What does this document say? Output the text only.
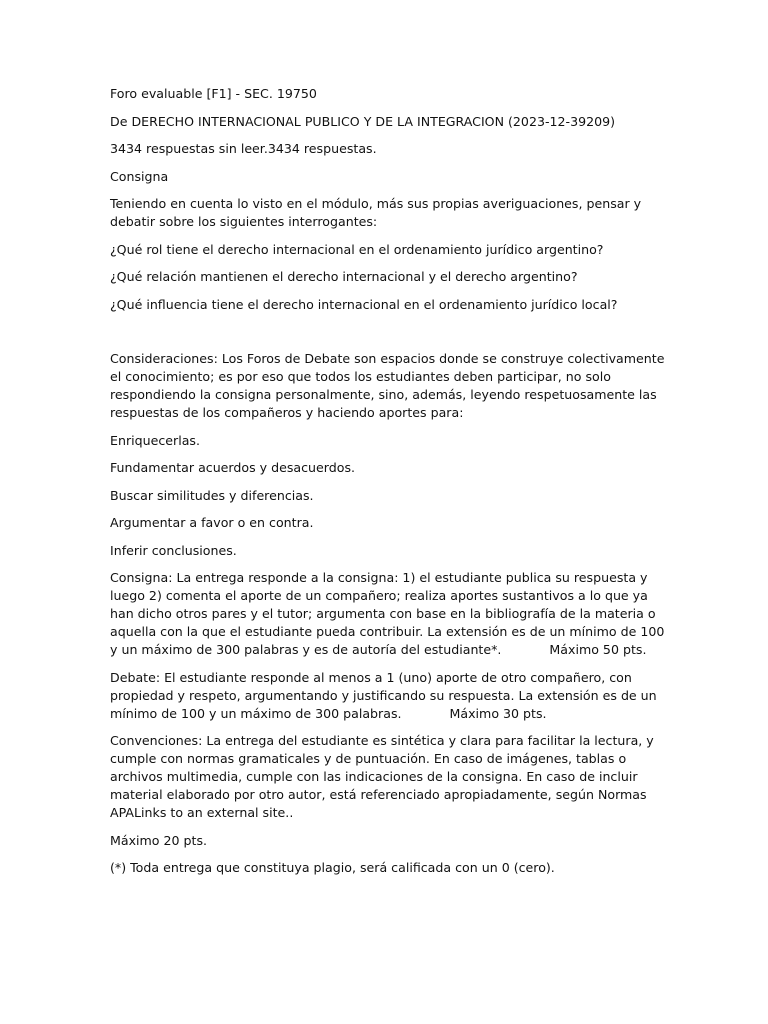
Foro evaluable [F1] - SEC. 19750

De DERECHO INTERNACIONAL PUBLICO Y DE LA INTEGRACION (2023-12-39209)

3434 respuestas sin leer.3434 respuestas.

Consigna

Teniendo en cuenta lo visto en el módulo, más sus propias averiguaciones, pensar y debatir sobre los siguientes interrogantes:

¿Qué rol tiene el derecho internacional en el ordenamiento jurídico argentino?

¿Qué relación mantienen el derecho internacional y el derecho argentino?

¿Qué influencia tiene el derecho internacional en el ordenamiento jurídico local?

Consideraciones: Los Foros de Debate son espacios donde se construye colectivamente el conocimiento; es por eso que todos los estudiantes deben participar, no solo respondiendo la consigna personalmente, sino, además, leyendo respetuosamente las respuestas de los compañeros y haciendo aportes para:

Enriquecerlas.

Fundamentar acuerdos y desacuerdos.

Buscar similitudes y diferencias.

Argumentar a favor o en contra.

Inferir conclusiones.

Consigna: La entrega responde a la consigna: 1) el estudiante publica su respuesta y luego 2) comenta el aporte de un compañero; realiza aportes sustantivos a lo que ya han dicho otros pares y el tutor; argumenta con base en la bibliografía de la materia o aquella con la que el estudiante pueda contribuir. La extensión es de un mínimo de 100 y un máximo de 300 palabras y es de autoría del estudiante*.	Máximo 50 pts.

Debate: El estudiante responde al menos a 1 (uno) aporte de otro compañero, con propiedad y respeto, argumentando y justificando su respuesta. La extensión es de un mínimo de 100 y un máximo de 300 palabras.	Máximo 30 pts.

Convenciones: La entrega del estudiante es sintética y clara para facilitar la lectura, y cumple con normas gramaticales y de puntuación. En caso de imágenes, tablas o archivos multimedia, cumple con las indicaciones de la consigna. En caso de incluir material elaborado por otro autor, está referenciado apropiadamente, según Normas APALinks to an external site..

Máximo 20 pts.

(*) Toda entrega que constituya plagio, será calificada con un 0 (cero).
